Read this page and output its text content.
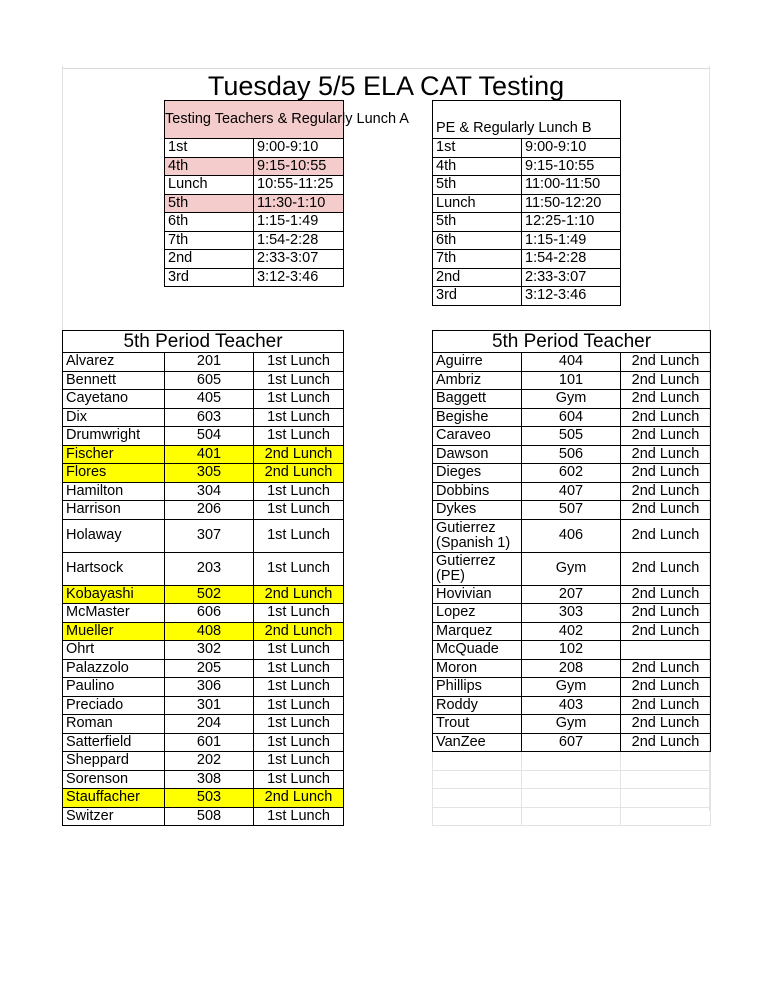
Tuesday 5/5 ELA CAT Testing
Testing Teachers & Regularly Lunch A	
1st	9:00-9:10
4th	9:15-10:55
Lunch	10:55-11:25
5th	11:30-1:10
6th	1:15-1:49
7th	1:54-2:28
2nd	2:33-3:07
3rd	3:12-3:46
PE & Regularly Lunch B	
1st	9:00-9:10
4th	9:15-10:55
5th	11:00-11:50
Lunch	11:50-12:20
5th	12:25-1:10
6th	1:15-1:49
7th	1:54-2:28
2nd	2:33-3:07
3rd	3:12-3:46
5th Period Teacher		
Alvarez	201	1st Lunch
Bennett	605	1st Lunch
Cayetano	405	1st Lunch
Dix	603	1st Lunch
Drumwright	504	1st Lunch
Fischer	401	2nd Lunch
Flores	305	2nd Lunch
Hamilton	304	1st Lunch
Harrison	206	1st Lunch
Holaway	307	1st Lunch
Hartsock	203	1st Lunch
Kobayashi	502	2nd Lunch
McMaster	606	1st Lunch
Mueller	408	2nd Lunch
Ohrt	302	1st Lunch
Palazzolo	205	1st Lunch
Paulino	306	1st Lunch
Preciado	301	1st Lunch
Roman	204	1st Lunch
Satterfield	601	1st Lunch
Sheppard	202	1st Lunch
Sorenson	308	1st Lunch
Stauffacher	503	2nd Lunch
Switzer	508	1st Lunch
5th Period Teacher		
Aguirre	404	2nd Lunch
Ambriz	101	2nd Lunch
Baggett	Gym	2nd Lunch
Begishe	604	2nd Lunch
Caraveo	505	2nd Lunch
Dawson	506	2nd Lunch
Dieges	602	2nd Lunch
Dobbins	407	2nd Lunch
Dykes	507	2nd Lunch
Gutierrez (Spanish 1)	406	2nd Lunch
Gutierrez (PE)	Gym	2nd Lunch
Hovivian	207	2nd Lunch
Lopez	303	2nd Lunch
Marquez	402	2nd Lunch
McQuade	102	
Moron	208	2nd Lunch
Phillips	Gym	2nd Lunch
Roddy	403	2nd Lunch
Trout	Gym	2nd Lunch
VanZee	607	2nd Lunch
